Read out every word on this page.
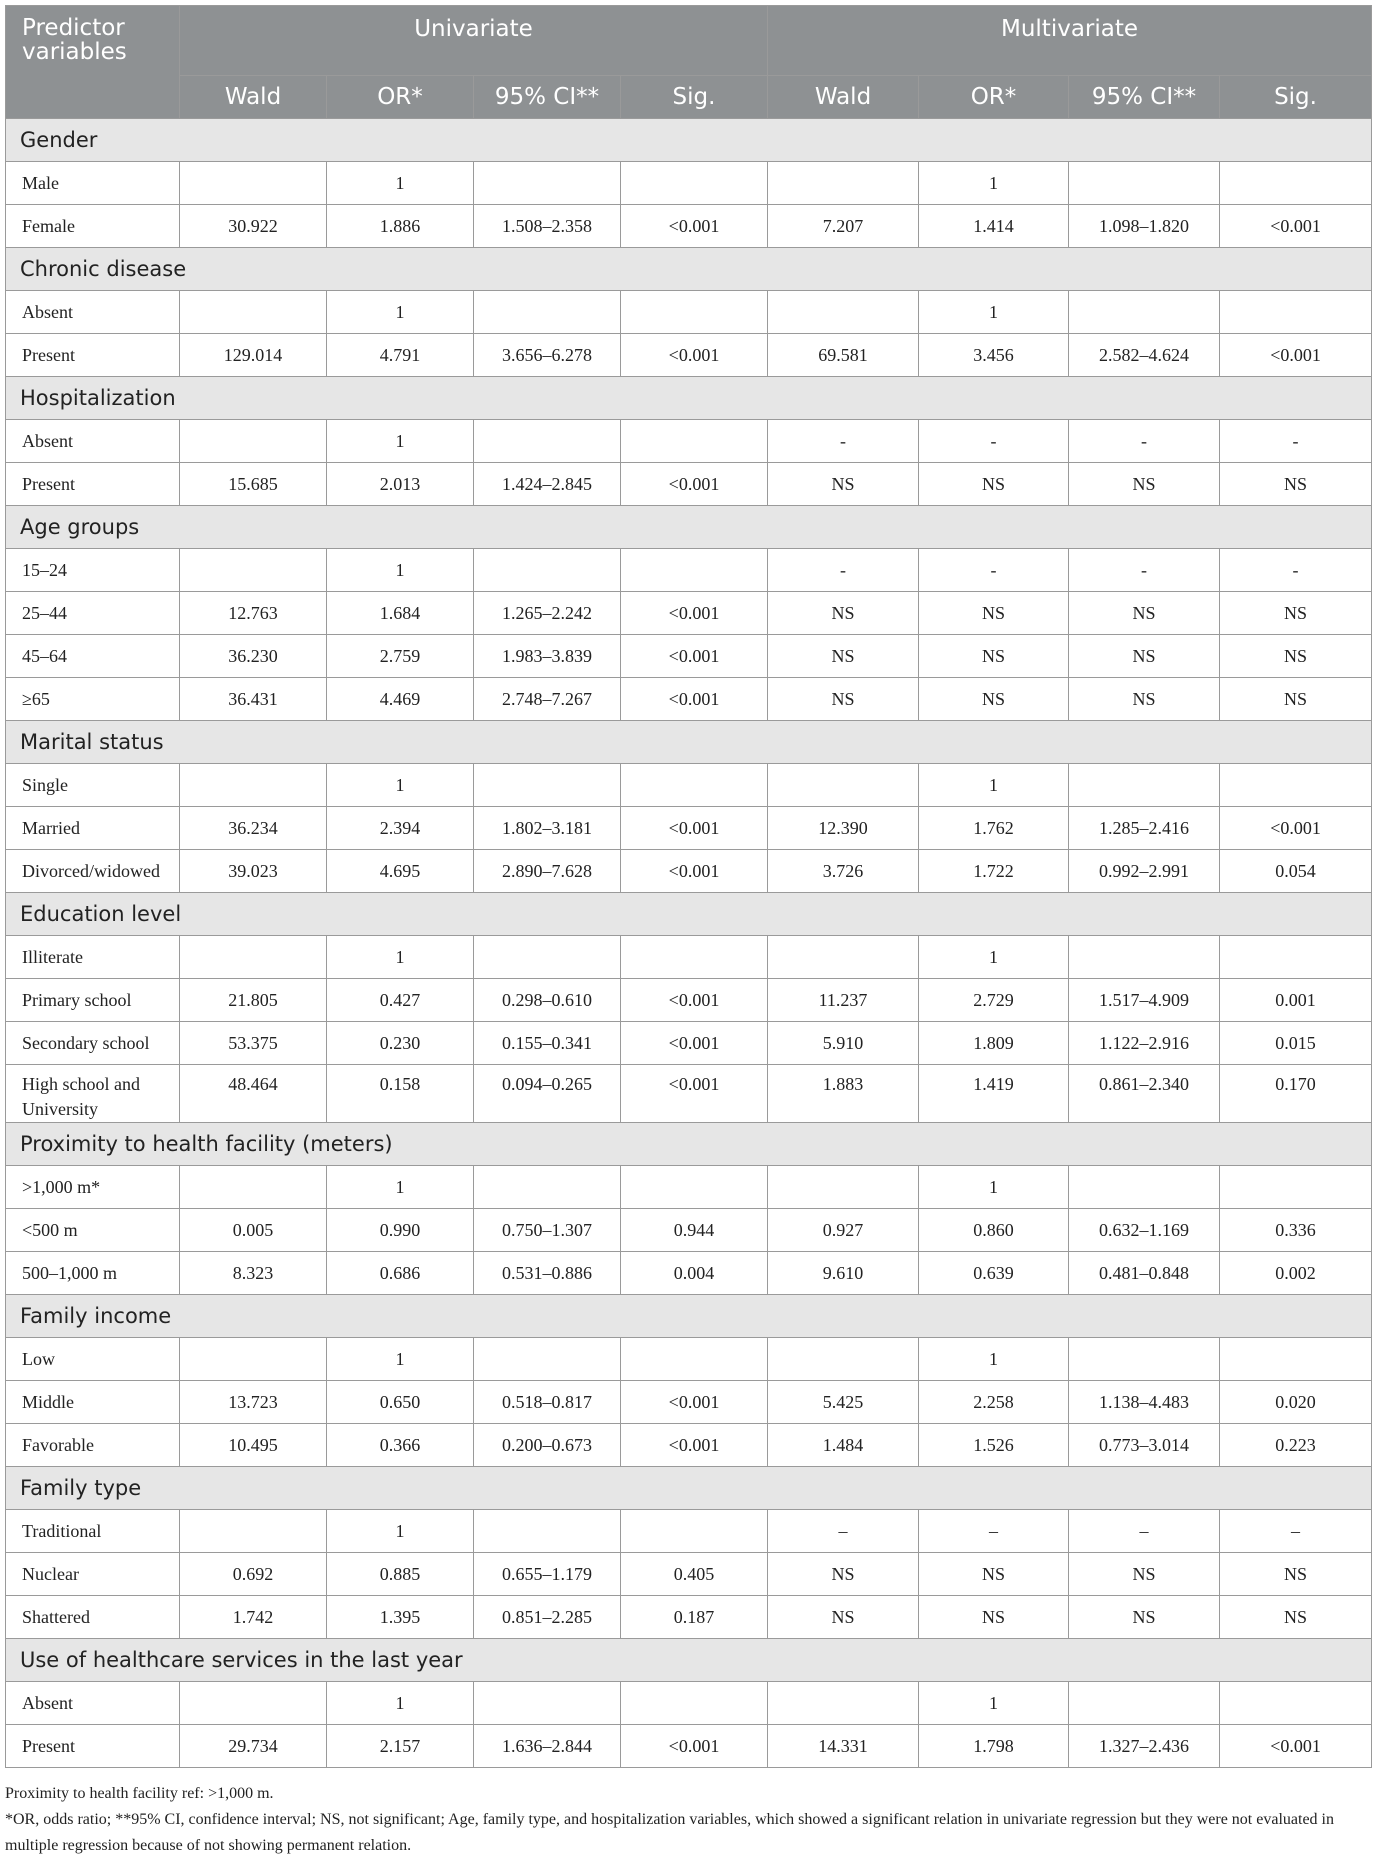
Predictor variables	Univariate				Multivariate			
	Wald	OR*	95% CI**	Sig.	Wald	OR*	95% CI**	Sig.
Gender								
Male		1				1		
Female	30.922	1.886	1.508–2.358	<0.001	7.207	1.414	1.098–1.820	<0.001
Chronic disease								
Absent		1				1		
Present	129.014	4.791	3.656–6.278	<0.001	69.581	3.456	2.582–4.624	<0.001
Hospitalization								
Absent		1			-	-	-	-
Present	15.685	2.013	1.424–2.845	<0.001	NS	NS	NS	NS
Age groups								
15–24		1			-	-	-	-
25–44	12.763	1.684	1.265–2.242	<0.001	NS	NS	NS	NS
45–64	36.230	2.759	1.983–3.839	<0.001	NS	NS	NS	NS
≥65	36.431	4.469	2.748–7.267	<0.001	NS	NS	NS	NS
Marital status								
Single		1				1		
Married	36.234	2.394	1.802–3.181	<0.001	12.390	1.762	1.285–2.416	<0.001
Divorced/widowed	39.023	4.695	2.890–7.628	<0.001	3.726	1.722	0.992–2.991	0.054
Education level								
Illiterate		1				1		
Primary school	21.805	0.427	0.298–0.610	<0.001	11.237	2.729	1.517–4.909	0.001
Secondary school	53.375	0.230	0.155–0.341	<0.001	5.910	1.809	1.122–2.916	0.015
High school and University	48.464	0.158	0.094–0.265	<0.001	1.883	1.419	0.861–2.340	0.170
Proximity to health facility (meters)								
>1,000 m*		1				1		
<500 m	0.005	0.990	0.750–1.307	0.944	0.927	0.860	0.632–1.169	0.336
500–1,000 m	8.323	0.686	0.531–0.886	0.004	9.610	0.639	0.481–0.848	0.002
Family income								
Low		1				1		
Middle	13.723	0.650	0.518–0.817	<0.001	5.425	2.258	1.138–4.483	0.020
Favorable	10.495	0.366	0.200–0.673	<0.001	1.484	1.526	0.773–3.014	0.223
Family type								
Traditional		1			–	–	–	–
Nuclear	0.692	0.885	0.655–1.179	0.405	NS	NS	NS	NS
Shattered	1.742	1.395	0.851–2.285	0.187	NS	NS	NS	NS
Use of healthcare services in the last year								
Absent		1				1		
Present	29.734	2.157	1.636–2.844	<0.001	14.331	1.798	1.327–2.436	<0.001

Proximity to health facility ref: >1,000 m.

*OR, odds ratio; **95% CI, confidence interval; NS, not significant; Age, family type, and hospitalization variables, which showed a significant relation in univariate regression but they were not evaluated in multiple regression because of not showing permanent relation.
